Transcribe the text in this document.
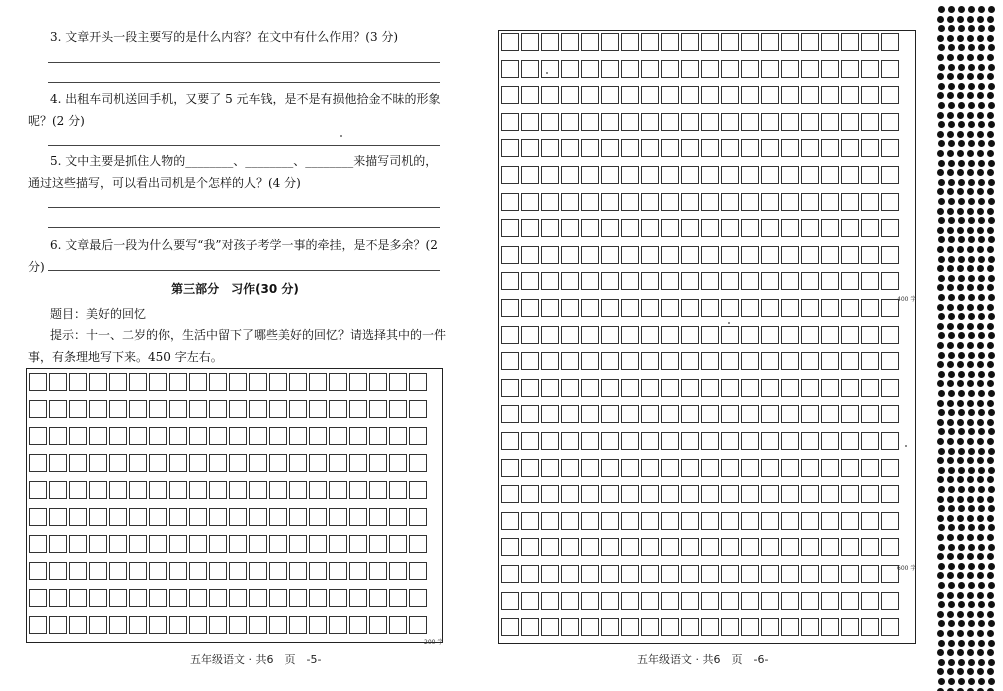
3. 文章开头一段主要写的是什么内容？在文中有什么作用？(3 分)
4. 出租车司机送回手机，又要了 5 元车钱，是不是有损他拾金不昧的形象呢？(2 分)
5. 文中主要是抓住人物的________、________、________来描写司机的，通过这些描写，可以看出司机是个怎样的人？(4 分)
6. 文章最后一段为什么要写“我”对孩子考学一事的牵挂，是不是多余？(2 分)
第三部分　习作(30 分)
题目：美好的回忆
提示：十一、二岁的你，生活中留下了哪些美好的回忆？请选择其中的一件事，有条理地写下来。450 字左右。
200 字
五年级语文 · 共6　页　-5-
400 字
600 字
五年级语文 · 共6　页　-6-
